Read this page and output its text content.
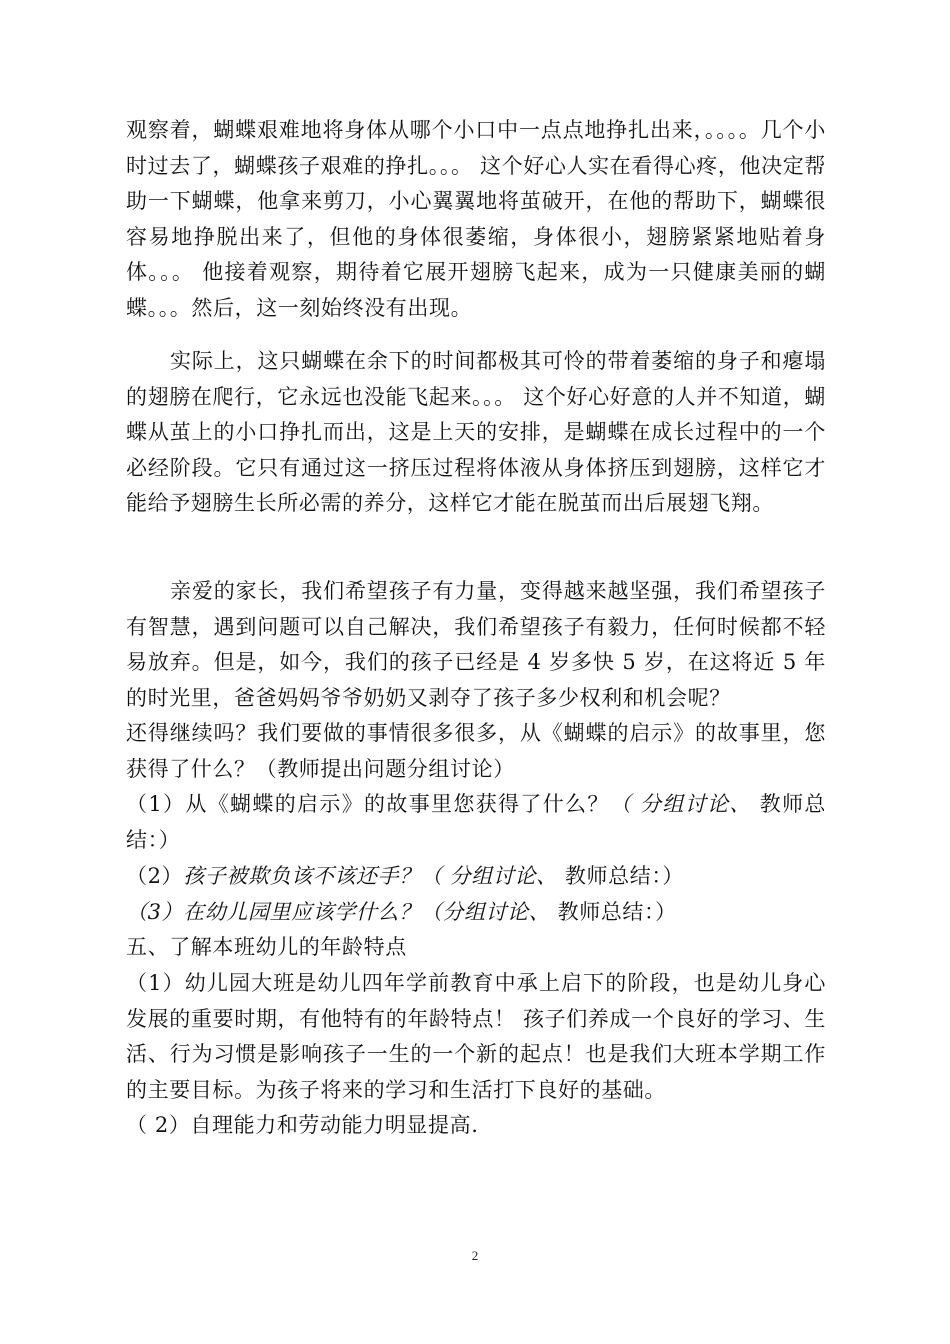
观察着，蝴蝶艰难地将身体从哪个小口中一点点地挣扎出来，。。。。几个小时过去了，蝴蝶孩子艰难的挣扎。。。 这个好心人实在看得心疼，他决定帮助一下蝴蝶，他拿来剪刀，小心翼翼地将茧破开，在他的帮助下，蝴蝶很容易地挣脱出来了，但他的身体很萎缩，身体很小，翅膀紧紧地贴着身体。。。 他接着观察，期待着它展开翅膀飞起来，成为一只健康美丽的蝴蝶。。。然后，这一刻始终没有出现。

实际上，这只蝴蝶在余下的时间都极其可怜的带着萎缩的身子和瘪塌的翅膀在爬行，它永远也没能飞起来。。。 这个好心好意的人并不知道，蝴蝶从茧上的小口挣扎而出，这是上天的安排，是蝴蝶在成长过程中的一个必经阶段。它只有通过这一挤压过程将体液从身体挤压到翅膀，这样它才能给予翅膀生长所必需的养分，这样它才能在脱茧而出后展翅飞翔。

亲爱的家长，我们希望孩子有力量，变得越来越坚强，我们希望孩子有智慧，遇到问题可以自己解决，我们希望孩子有毅力，任何时候都不轻易放弃。但是，如今，我们的孩子已经是 4 岁多快 5 岁，在这将近 5 年的时光里，爸爸妈妈爷爷奶奶又剥夺了孩子多少权利和机会呢？

还得继续吗？我们要做的事情很多很多，从《蝴蝶的启示》的故事里，您获得了什么？（教师提出问题分组讨论）

（1）从《蝴蝶的启示》的故事里您获得了什么？（ 分组讨论、 教师总结：）

（2）孩子被欺负该不该还手？（ 分组讨论、 教师总结：）

（3）在幼儿园里应该学什么？（分组讨论、 教师总结：）

五、了解本班幼儿的年龄特点

（1）幼儿园大班是幼儿四年学前教育中承上启下的阶段，也是幼儿身心发展的重要时期，有他特有的年龄特点！ 孩子们养成一个良好的学习、生活、行为习惯是影响孩子一生的一个新的起点！也是我们大班本学期工作的主要目标。为孩子将来的学习和生活打下良好的基础。

（ 2）自理能力和劳动能力明显提高.

2
